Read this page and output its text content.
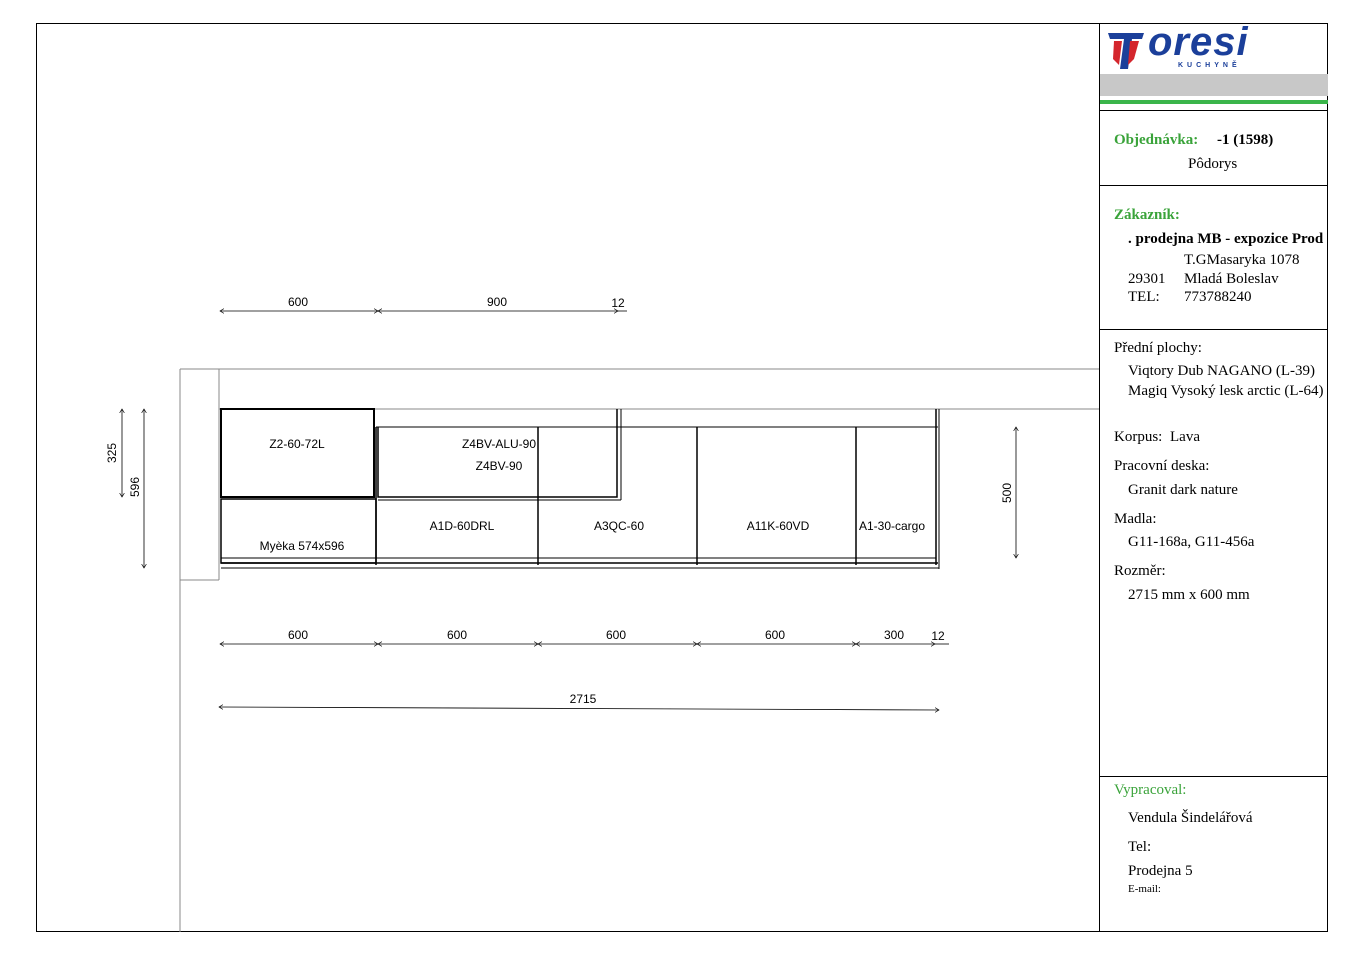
600	900	12
600	600	600	600	300 12
2715
325
596	500
Z2-60-72L	Z4BV-ALU-90
Z4BV-90
Myèka 574x596
A1D-60DRL	A3QC-60	A11K-60VD	A1-30-cargo
oresi
KUCHYNĚ
Objednávka: -1 (1598)
Pôdorys
Zákazník:
. prodejna MB - expozice Prod
T.GMasaryka 1078
29301 Mladá Boleslav
TEL: 773788240
Přední plochy:
Viqtory Dub NAGANO (L-39)
Magiq Vysoký lesk arctic (L-64)
Korpus: Lava
Pracovní deska:
Granit dark nature
Madla:
G11-168a, G11-456a
Rozměr:
2715 mm x 600 mm
Vypracoval:
Vendula Šindelářová
Tel:
Prodejna 5
E-mail:
